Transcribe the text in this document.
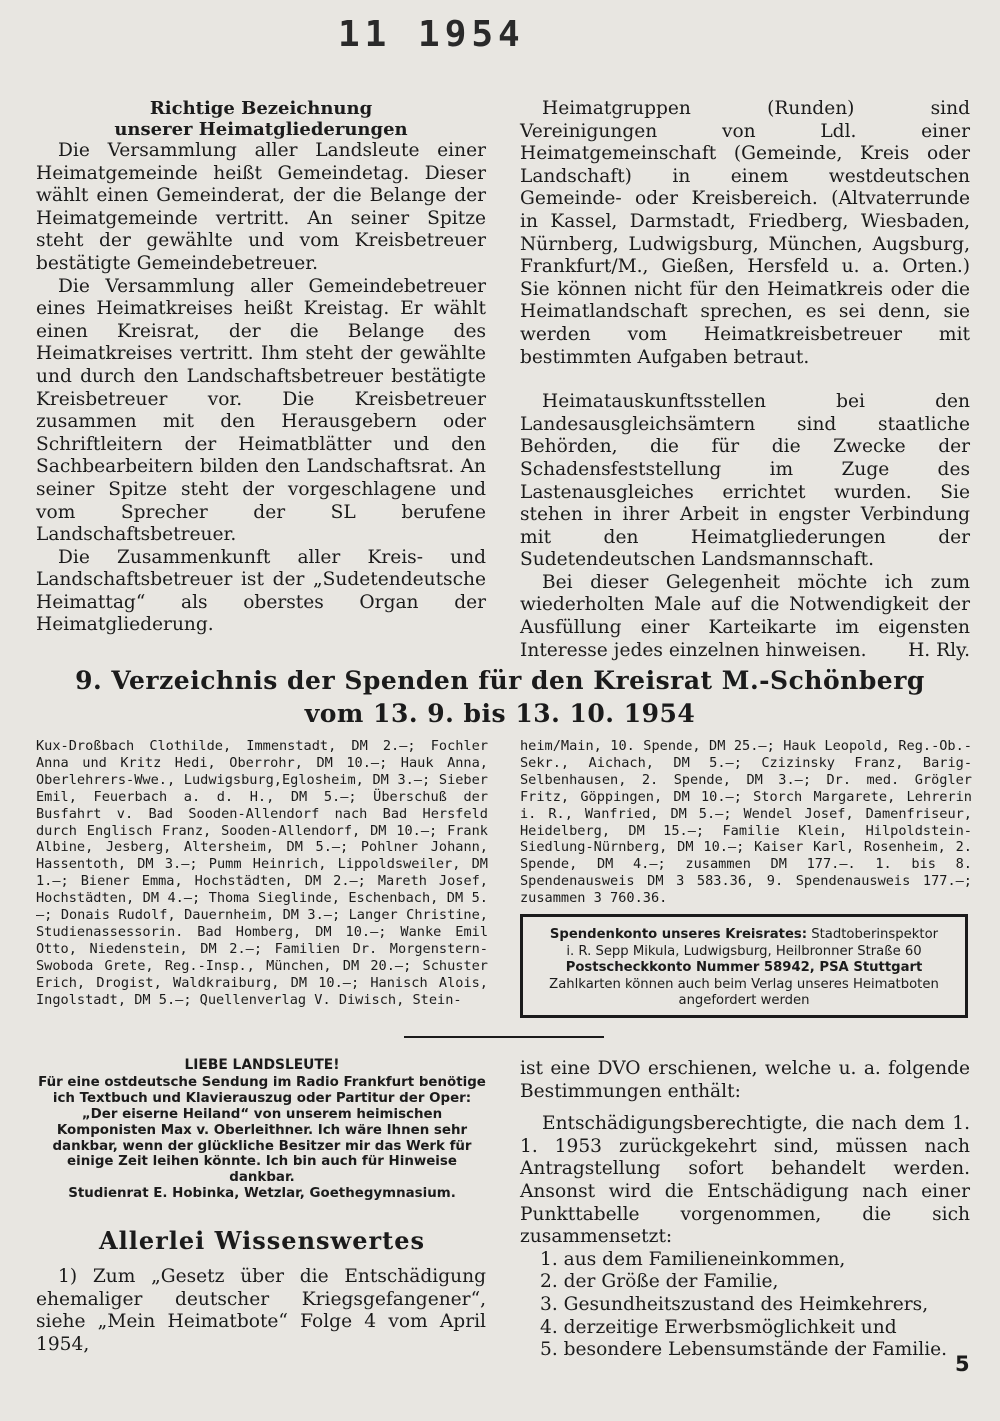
11 1954
Richtige Bezeichnung
unserer Heimatgliederungen

Die Versammlung aller Landsleute einer Heimatgemeinde heißt Gemeindetag. Dieser wählt einen Gemeinderat, der die Belange der Heimatgemeinde vertritt. An seiner Spitze steht der gewählte und vom Kreisbetreuer bestätigte Gemeindebetreuer.

Die Versammlung aller Gemeindebetreuer eines Heimatkreises heißt Kreistag. Er wählt einen Kreisrat, der die Belange des Heimatkreises vertritt. Ihm steht der gewählte und durch den Landschaftsbetreuer bestätigte Kreisbetreuer vor. Die Kreisbetreuer zusammen mit den Herausgebern oder Schriftleitern der Heimatblätter und den Sachbearbeitern bilden den Landschaftsrat. An seiner Spitze steht der vorgeschlagene und vom Sprecher der SL berufene Landschaftsbetreuer.

Die Zusammenkunft aller Kreis- und Landschaftsbetreuer ist der „Sudetendeutsche Heimattag“ als oberstes Organ der Heimatgliederung.

Heimatgruppen (Runden) sind Vereinigungen von Ldl. einer Heimatgemeinschaft (Gemeinde, Kreis oder Landschaft) in einem westdeutschen Gemeinde- oder Kreisbereich. (Altvaterrunde in Kassel, Darmstadt, Friedberg, Wiesbaden, Nürnberg, Ludwigsburg, München, Augsburg, Frankfurt/M., Gießen, Hersfeld u. a. Orten.) Sie können nicht für den Heimatkreis oder die Heimatlandschaft sprechen, es sei denn, sie werden vom Heimatkreisbetreuer mit bestimmten Aufgaben betraut.

Heimatauskunftsstellen bei den Landesausgleichsämtern sind staatliche Behörden, die für die Zwecke der Schadensfeststellung im Zuge des Lastenausgleiches errichtet wurden. Sie stehen in ihrer Arbeit in engster Verbindung mit den Heimatgliederungen der Sudetendeutschen Landsmannschaft.

Bei dieser Gelegenheit möchte ich zum wiederholten Male auf die Notwendigkeit der Ausfüllung einer Karteikarte im eigensten Interesse jedes einzelnen hinweisen.	H. Rly.

9. Verzeichnis der Spenden für den Kreisrat M.-Schönberg
vom 13. 9. bis 13. 10. 1954
Kux-Droßbach Clothilde, Immenstadt, DM 2.—; Fochler Anna und Kritz Hedi, Oberrohr, DM 10.—; Hauk Anna, Oberlehrers-Wwe., Ludwigsburg,Eglosheim, DM 3.—; Sieber Emil, Feuerbach a. d. H., DM 5.—; Überschuß der Busfahrt v. Bad Sooden-Allendorf nach Bad Hersfeld durch Englisch Franz, Sooden-Allendorf, DM 10.—; Frank Albine, Jesberg, Altersheim, DM 5.—; Pohlner Johann, Hassentoth, DM 3.—; Pumm Heinrich, Lippoldsweiler, DM 1.—; Biener Emma, Hochstädten, DM 2.—; Mareth Josef, Hochstädten, DM 4.—; Thoma Sieglinde, Eschenbach, DM 5.—; Donais Rudolf, Dauernheim, DM 3.—; Langer Christine, Studienassessorin. Bad Homberg, DM 10.—; Wanke Emil Otto, Niedenstein, DM 2.—; Familien Dr. Morgenstern-Swoboda Grete, Reg.-Insp., München, DM 20.—; Schuster Erich, Drogist, Waldkraiburg, DM 10.—; Hanisch Alois, Ingolstadt, DM 5.—; Quellenverlag V. Diwisch, Stein-
heim/Main, 10. Spende, DM 25.—; Hauk Leopold, Reg.-Ob.-Sekr., Aichach, DM 5.—; Czizinsky Franz, Barig-Selbenhausen, 2. Spende, DM 3.—; Dr. med. Grögler Fritz, Göppingen, DM 10.—; Storch Margarete, Lehrerin i. R., Wanfried, DM 5.—; Wendel Josef, Damenfriseur, Heidelberg, DM 15.—; Familie Klein, Hilpoldstein-Siedlung-Nürnberg, DM 10.—; Kaiser Karl, Rosenheim, 2. Spende, DM 4.—; zusammen DM 177.—. 1. bis 8. Spendenausweis DM 3 583.36, 9. Spendenausweis 177.—; zusammen 3 760.36.
Spendenkonto unseres Kreisrates: Stadtoberinspektor
i. R. Sepp Mikula, Ludwigsburg, Heilbronner Straße 60
Postscheckkonto Nummer 58942, PSA Stuttgart
Zahlkarten können auch beim Verlag unseres Heimatboten angefordert werden
LIEBE LANDSLEUTE!
Für eine ostdeutsche Sendung im Radio Frankfurt benötige ich Textbuch und Klavierauszug oder Partitur der Oper: „Der eiserne Heiland“ von unserem heimischen Komponisten Max v. Oberleithner. Ich wäre Ihnen sehr dankbar, wenn der glückliche Besitzer mir das Werk für einige Zeit leihen könnte. Ich bin auch für Hinweise dankbar.
Studienrat E. Hobinka, Wetzlar, Goethegymnasium.
Allerlei Wissenswertes

1) Zum „Gesetz über die Entschädigung ehemaliger deutscher Kriegsgefangener“, siehe „Mein Heimatbote“ Folge 4 vom April 1954,

ist eine DVO erschienen, welche u. a. folgende Bestimmungen enthält:

Entschädigungsberechtigte, die nach dem 1. 1. 1953 zurückgekehrt sind, müssen nach Antragstellung sofort behandelt werden. Ansonst wird die Entschädigung nach einer Punkttabelle vorgenommen, die sich zusammensetzt:

1. aus dem Familieneinkommen,
2. der Größe der Familie,
3. Gesundheitszustand des Heimkehrers,
4. derzeitige Erwerbsmöglichkeit und
5. besondere Lebensumstände der Familie.
5
